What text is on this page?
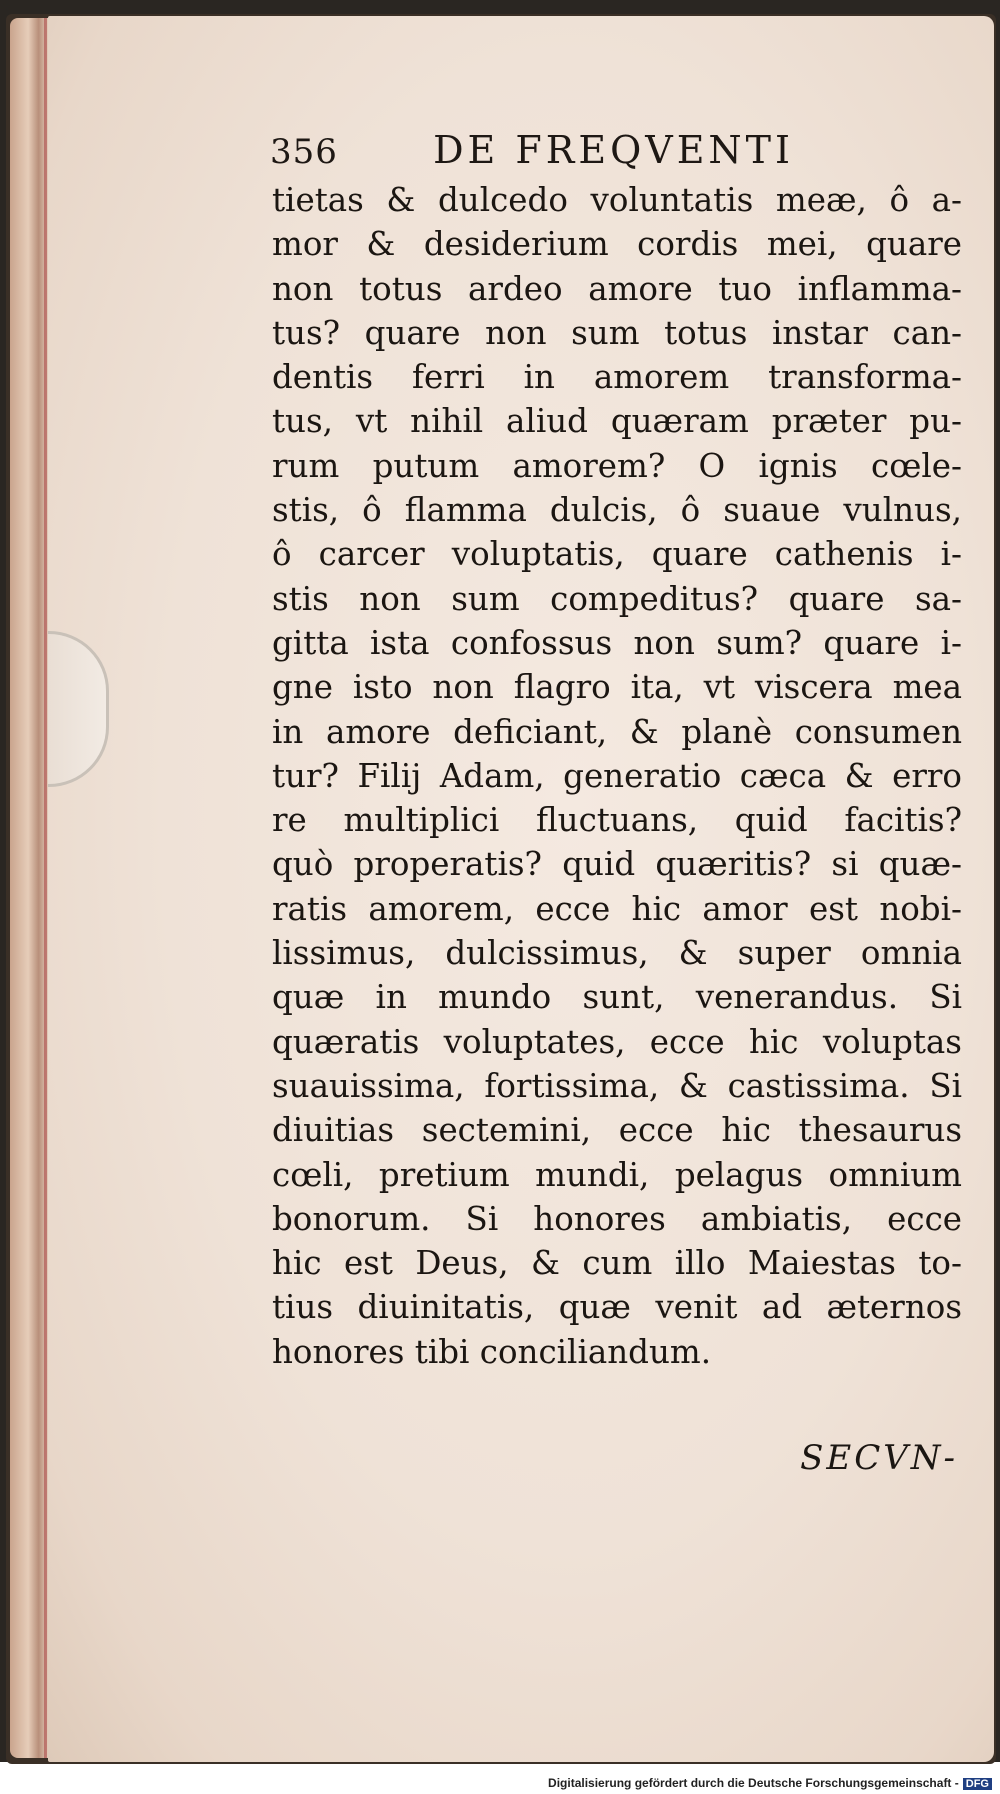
356	DE FREQVENTI
tietas & dulcedo voluntatis meæ, ô a-
mor & desiderium cordis mei, quare
non totus ardeo amore tuo inflamma-
tus? quare non sum totus instar can-
dentis ferri in amorem transforma-
tus, vt nihil aliud quæram præter pu-
rum putum amorem? O ignis cœle-
stis, ô flamma dulcis, ô suaue vulnus,
ô carcer voluptatis, quare cathenis i-
stis non sum compeditus? quare sa-
gitta ista confossus non sum? quare i-
gne isto non flagro ita, vt viscera mea
in amore deficiant, & planè consumen
tur? Filij Adam, generatio cæca & erro
re multiplici fluctuans, quid facitis?
quò properatis? quid quæritis? si quæ-
ratis amorem, ecce hic amor est nobi-
lissimus, dulcissimus, & super omnia
quæ in mundo sunt, venerandus. Si
quæratis voluptates, ecce hic voluptas
suauissima, fortissima, & castissima. Si
diuitias sectemini, ecce hic thesaurus
cœli, pretium mundi, pelagus omnium
bonorum. Si honores ambiatis, ecce
hic est Deus, & cum illo Maiestas to-
tius diuinitatis, quæ venit ad æternos
honores tibi conciliandum.
SECVN-
Digitalisierung gefördert durch die Deutsche Forschungsgemeinschaft - DFG
